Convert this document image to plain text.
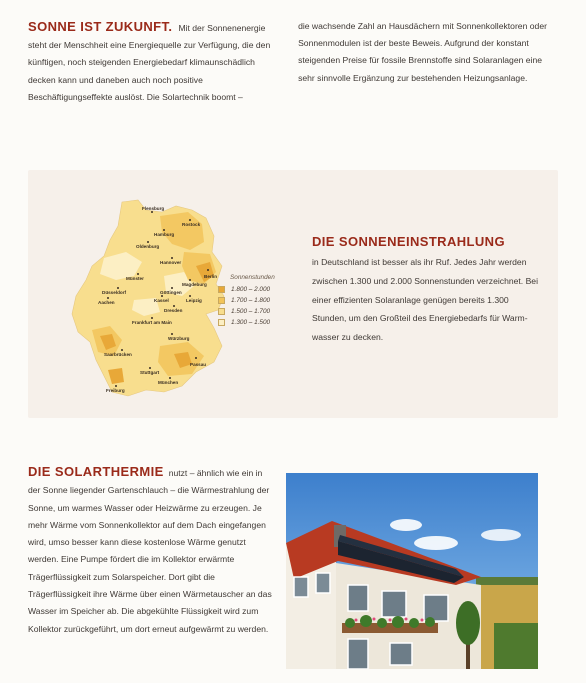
SONNE IST ZUKUNFT. Mit der Sonnenenergie steht der Menschheit eine Energiequelle zur Verfügung, die den künftigen, noch steigenden Energiebedarf klimaunschädlich decken kann und daneben auch noch positive Beschäftigungseffekte auslöst. Die Solartechnik boomt –

die wachsende Zahl an Hausdächern mit Sonnenkollektoren oder Sonnenmodulen ist der beste Beweis. Aufgrund der konstant steigenden Preise für fossile Brennstoffe sind Solaranlagen eine sehr sinnvolle Ergänzung zur bestehenden Heizungsanlage.

Flensburg
Rostock
Hamburg
Oldenburg
Berlin
Hannover
Münster
Magdeburg
Göttingen
Düsseldorf
Kassel	Leipzig
Aachen
Dresden
Frankfurt am Main
Würzburg
Saarbrücken
Passau
Stuttgart
München
Freiburg
Sonnenstunden
1.800 – 2.000
1.700 – 1.800
1.500 – 1.700
1.300 – 1.500
DIE SONNENEINSTRAHLUNG

in Deutschland ist besser als ihr Ruf. Jedes Jahr werden zwischen 1.300 und 2.000 Sonnenstunden verzeichnet. Bei einer effizienten Solaranlage genügen bereits 1.300 Stunden, um den Großteil des Energiebedarfs für Warmwasser zu decken.

DIE SOLARTHERMIE nutzt – ähnlich wie ein in der Sonne liegender Gartenschlauch – die Wärmestrahlung der Sonne, um warmes Wasser oder Heizwärme zu erzeugen. Je mehr Wärme vom Sonnenkollektor auf dem Dach eingefangen wird, umso besser kann diese kostenlose Wärme genutzt werden. Eine Pumpe fördert die im Kollektor erwärmte Trägerflüssigkeit zum Solarspeicher. Dort gibt die Trägerflüssigkeit ihre Wärme über einen Wärmetauscher an das Wasser im Speicher ab. Die abgekühlte Flüssigkeit wird zum Kollektor zurückgeführt, um dort erneut aufgewärmt zu werden.
